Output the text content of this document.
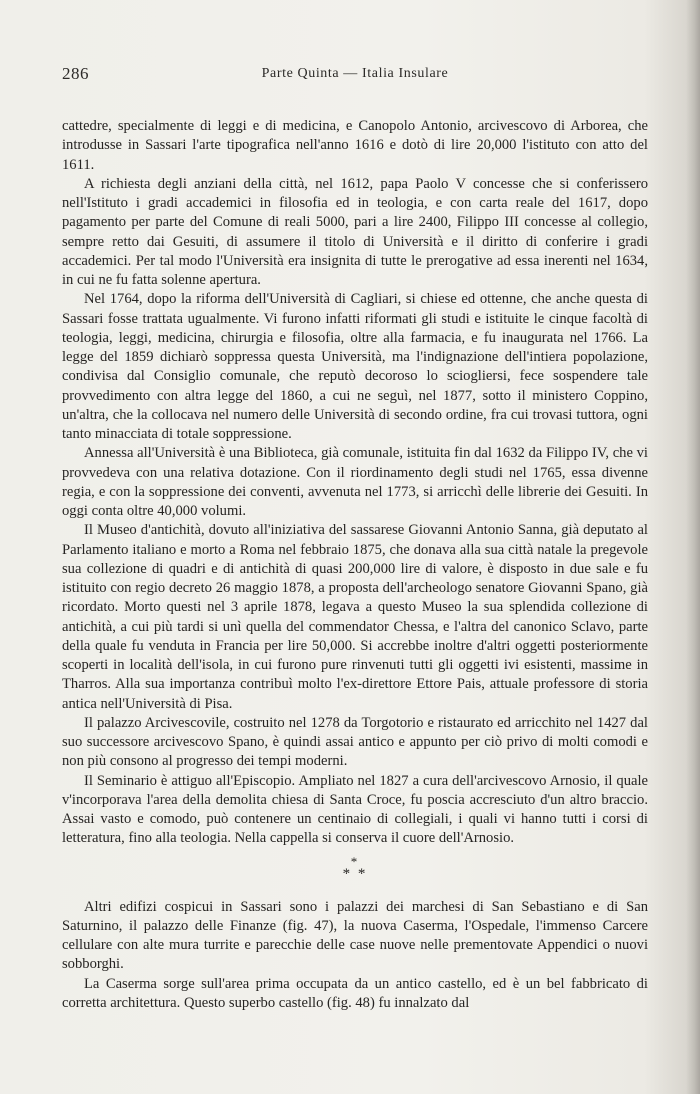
286	Parte Quinta — Italia Insulare

cattedre, specialmente di leggi e di medicina, e Canopolo Antonio, arcivescovo di Arborea, che introdusse in Sassari l'arte tipografica nell'anno 1616 e dotò di lire 20,000 l'istituto con atto del 1611.

A richiesta degli anziani della città, nel 1612, papa Paolo V concesse che si conferissero nell'Istituto i gradi accademici in filosofia ed in teologia, e con carta reale del 1617, dopo pagamento per parte del Comune di reali 5000, pari a lire 2400, Filippo III concesse al collegio, sempre retto dai Gesuiti, di assumere il titolo di Università e il diritto di conferire i gradi accademici. Per tal modo l'Università era insignita di tutte le prerogative ad essa inerenti nel 1634, in cui ne fu fatta solenne apertura.

Nel 1764, dopo la riforma dell'Università di Cagliari, si chiese ed ottenne, che anche questa di Sassari fosse trattata ugualmente. Vi furono infatti riformati gli studi e istituite le cinque facoltà di teologia, leggi, medicina, chirurgia e filosofia, oltre alla farmacia, e fu inaugurata nel 1766. La legge del 1859 dichiarò soppressa questa Università, ma l'indignazione dell'intiera popolazione, condivisa dal Consiglio comunale, che reputò decoroso lo sciogliersi, fece sospendere tale provvedimento con altra legge del 1860, a cui ne seguì, nel 1877, sotto il ministero Coppino, un'altra, che la collocava nel numero delle Università di secondo ordine, fra cui trovasi tuttora, ogni tanto minacciata di totale soppressione.

Annessa all'Università è una Biblioteca, già comunale, istituita fin dal 1632 da Filippo IV, che vi provvedeva con una relativa dotazione. Con il riordinamento degli studi nel 1765, essa divenne regia, e con la soppressione dei conventi, avvenuta nel 1773, si arricchì delle librerie dei Gesuiti. In oggi conta oltre 40,000 volumi.

Il Museo d'antichità, dovuto all'iniziativa del sassarese Giovanni Antonio Sanna, già deputato al Parlamento italiano e morto a Roma nel febbraio 1875, che donava alla sua città natale la pregevole sua collezione di quadri e di antichità di quasi 200,000 lire di valore, è disposto in due sale e fu istituito con regio decreto 26 maggio 1878, a proposta dell'archeologo senatore Giovanni Spano, già ricordato. Morto questi nel 3 aprile 1878, legava a questo Museo la sua splendida collezione di antichità, a cui più tardi si unì quella del commendator Chessa, e l'altra del canonico Sclavo, parte della quale fu venduta in Francia per lire 50,000. Si accrebbe inoltre d'altri oggetti posteriormente scoperti in località dell'isola, in cui furono pure rinvenuti tutti gli oggetti ivi esistenti, massime in Tharros. Alla sua importanza contribuì molto l'ex-direttore Ettore Pais, attuale professore di storia antica nell'Università di Pisa.

Il palazzo Arcivescovile, costruito nel 1278 da Torgotorio e ristaurato ed arricchito nel 1427 dal suo successore arcivescovo Spano, è quindi assai antico e appunto per ciò privo di molti comodi e non più consono al progresso dei tempi moderni.

Il Seminario è attiguo all'Episcopio. Ampliato nel 1827 a cura dell'arcivescovo Arnosio, il quale v'incorporava l'area della demolita chiesa di Santa Croce, fu poscia accresciuto d'un altro braccio. Assai vasto e comodo, può contenere un centinaio di collegiali, i quali vi hanno tutti i corsi di letteratura, fino alla teologia. Nella cappella si conserva il cuore dell'Arnosio.

*
* *

Altri edifizi cospicui in Sassari sono i palazzi dei marchesi di San Sebastiano e di San Saturnino, il palazzo delle Finanze (fig. 47), la nuova Caserma, l'Ospedale, l'immenso Carcere cellulare con alte mura turrite e parecchie delle case nuove nelle prementovate Appendici o nuovi sobborghi.

La Caserma sorge sull'area prima occupata da un antico castello, ed è un bel fabbricato di corretta architettura. Questo superbo castello (fig. 48) fu innalzato dal
